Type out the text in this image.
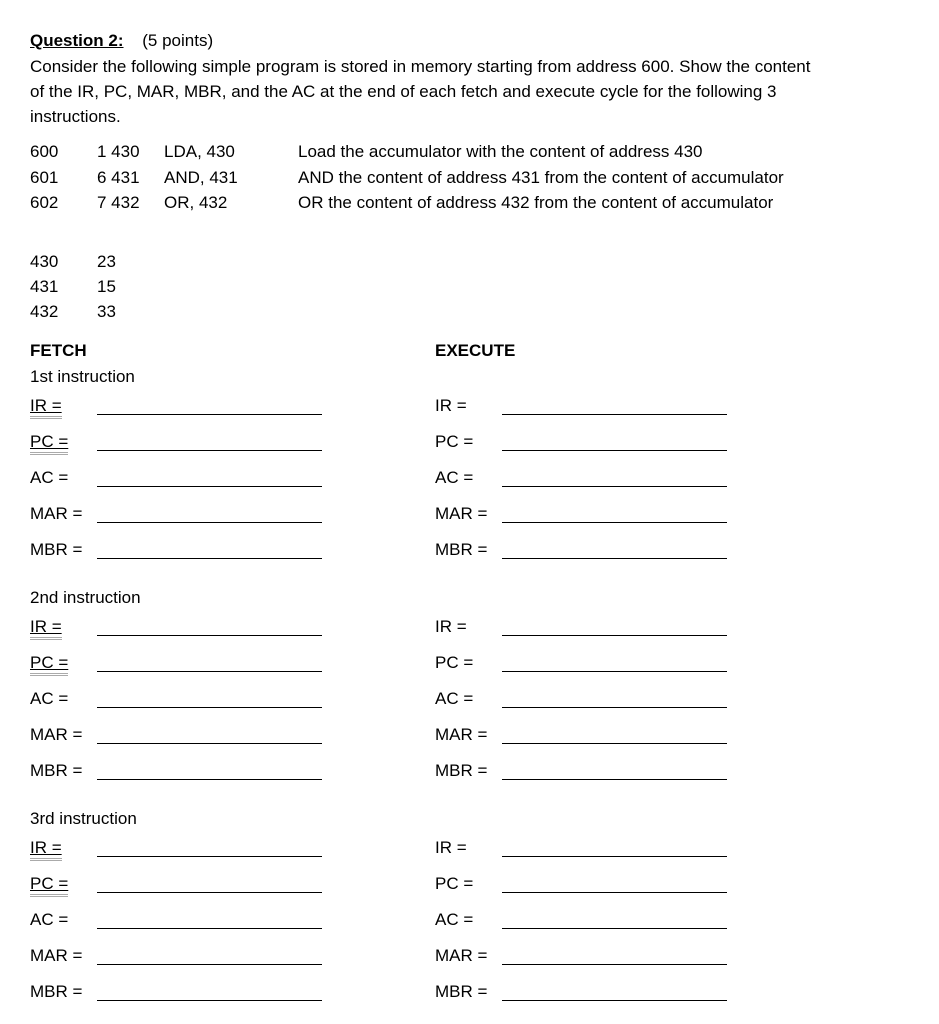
Question 2: (5 points)
Consider the following simple program is stored in memory starting from address 600. Show the content
of the IR, PC, MAR, MBR, and the AC at the end of each fetch and execute cycle for the following 3
instructions.
600 1 430 LDA, 430	Load the accumulator with the content of address 430
601 6 431 AND, 431	AND the content of address 431 from the content of accumulator
602 7 432 OR, 432	OR the content of address 432 from the content of accumulator
430 23
431 15
432 33
FETCH	EXECUTE
1st instruction
IR =	IR =
PC =	PC =
AC =	AC =
MAR =	MAR =
MBR =	MBR =
2nd instruction
IR =	IR =
PC =	PC =
AC =	AC =
MAR =	MAR =
MBR =	MBR =
3rd instruction
IR =	IR =
PC =	PC =
AC =	AC =
MAR =	MAR =
MBR =	MBR =
